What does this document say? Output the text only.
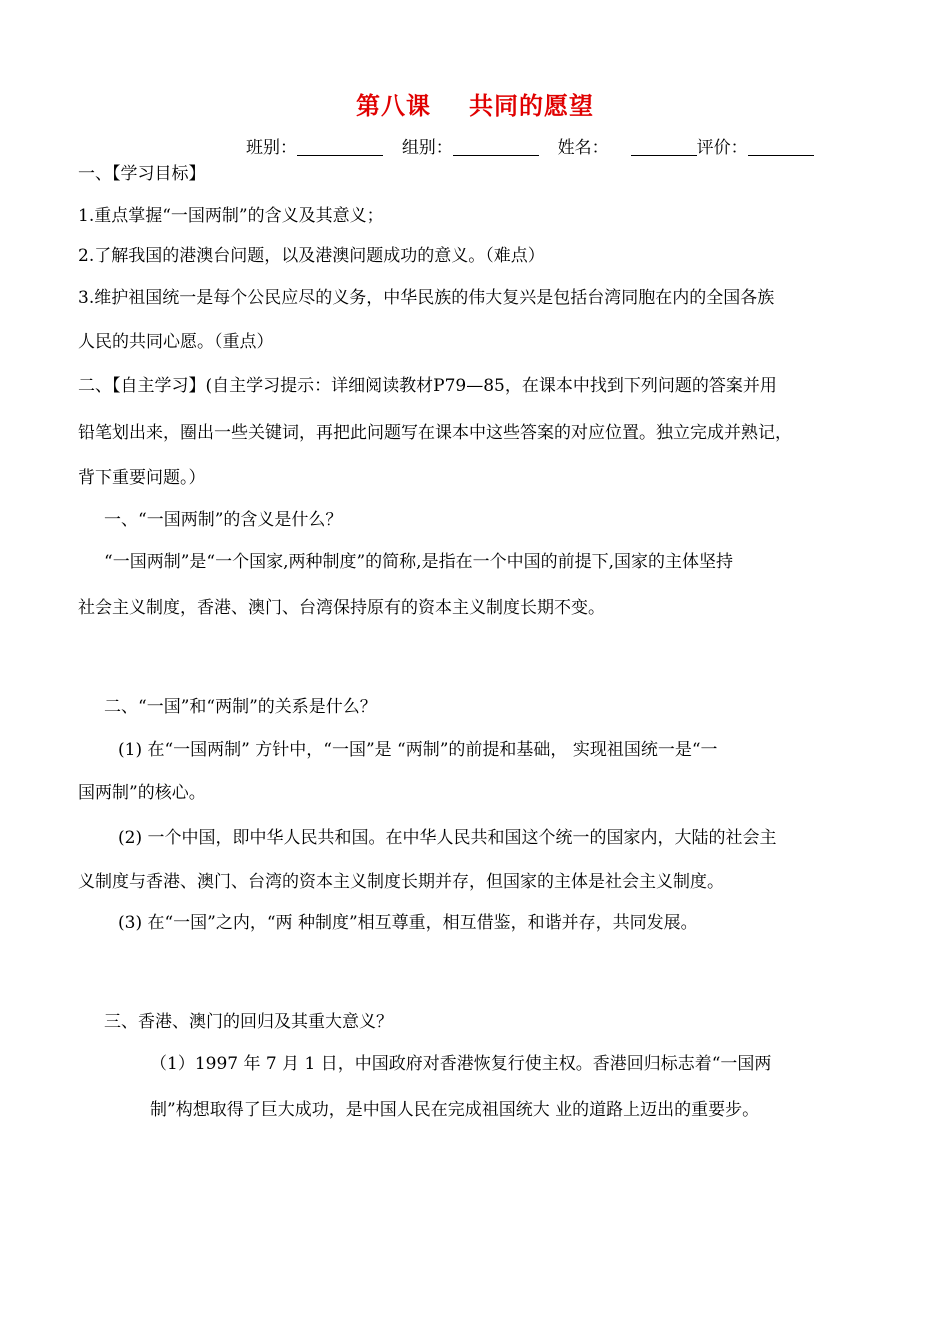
第八课 共同的愿望
班别：	组别：	姓名：	评价：
一、【学习目标】
1.重点掌握“一国两制”的含义及其意义；
2.了解我国的港澳台问题，以及港澳问题成功的意义。（难点）
3.维护祖国统一是每个公民应尽的义务，中华民族的伟大复兴是包括台湾同胞在内的全国各族
人民的共同心愿。（重点）
二、【自主学习】(自主学习提示：详细阅读教材P79—85，在课本中找到下列问题的答案并用
铅笔划出来，圈出一些关键词，再把此问题写在课本中这些答案的对应位置。独立完成并熟记，
背下重要问题。）
一、“一国两制”的含义是什么？
“一国两制”是“一个国家,两种制度”的简称,是指在一个中国的前提下,国家的主体坚持
社会主义制度，香港、澳门、台湾保持原有的资本主义制度长期不变。
二、“一国”和“两制”的关系是什么？
(1) 在“一国两制” 方针中，“一国”是 “两制”的前提和基础， 实现祖国统一是“一
国两制”的核心。
(2) 一个中国，即中华人民共和国。在中华人民共和国这个统一的国家内，大陆的社会主
义制度与香港、澳门、台湾的资本主义制度长期并存，但国家的主体是社会主义制度。
(3) 在“一国”之内，“两 种制度”相互尊重，相互借鉴，和谐并存，共同发展。
三、香港、澳门的回归及其重大意义？
（1）1997 年 7 月 1 日，中国政府对香港恢复行使主权。香港回归标志着“一国两
制”构想取得了巨大成功，是中国人民在完成祖国统大 业的道路上迈出的重要步。
